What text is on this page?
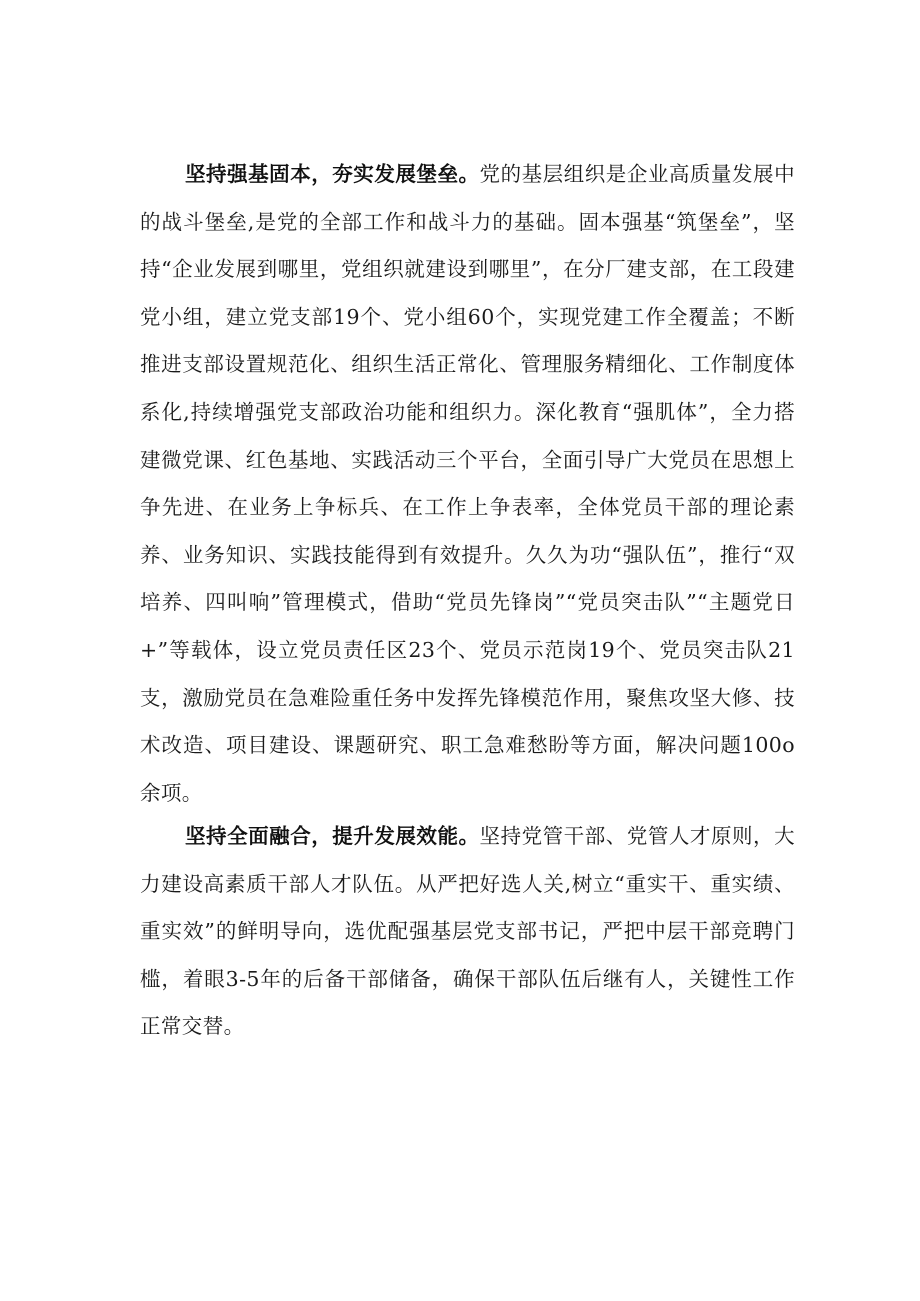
坚持强基固本，夯实发展堡垒。党的基层组织是企业高质量发展中的战斗堡垒,是党的全部工作和战斗力的基础。固本强基“筑堡垒”，坚持“企业发展到哪里，党组织就建设到哪里”，在分厂建支部，在工段建党小组，建立党支部19个、党小组60个，实现党建工作全覆盖；不断推进支部设置规范化、组织生活正常化、管理服务精细化、工作制度体系化,持续增强党支部政治功能和组织力。深化教育“强肌体”，全力搭建微党课、红色基地、实践活动三个平台，全面引导广大党员在思想上争先进、在业务上争标兵、在工作上争表率，全体党员干部的理论素养、业务知识、实践技能得到有效提升。久久为功“强队伍”，推行“双培养、四叫响”管理模式，借助“党员先锋岗”“党员突击队”“主题党日+”等载体，设立党员责任区23个、党员示范岗19个、党员突击队21支，激励党员在急难险重任务中发挥先锋模范作用，聚焦攻坚大修、技术改造、项目建设、课题研究、职工急难愁盼等方面，解决问题100o余项。

坚持全面融合，提升发展效能。坚持党管干部、党管人才原则，大力建设高素质干部人才队伍。从严把好选人关,树立“重实干、重实绩、重实效”的鲜明导向，选优配强基层党支部书记，严把中层干部竞聘门槛，着眼3-5年的后备干部储备，确保干部队伍后继有人，关键性工作正常交替。
